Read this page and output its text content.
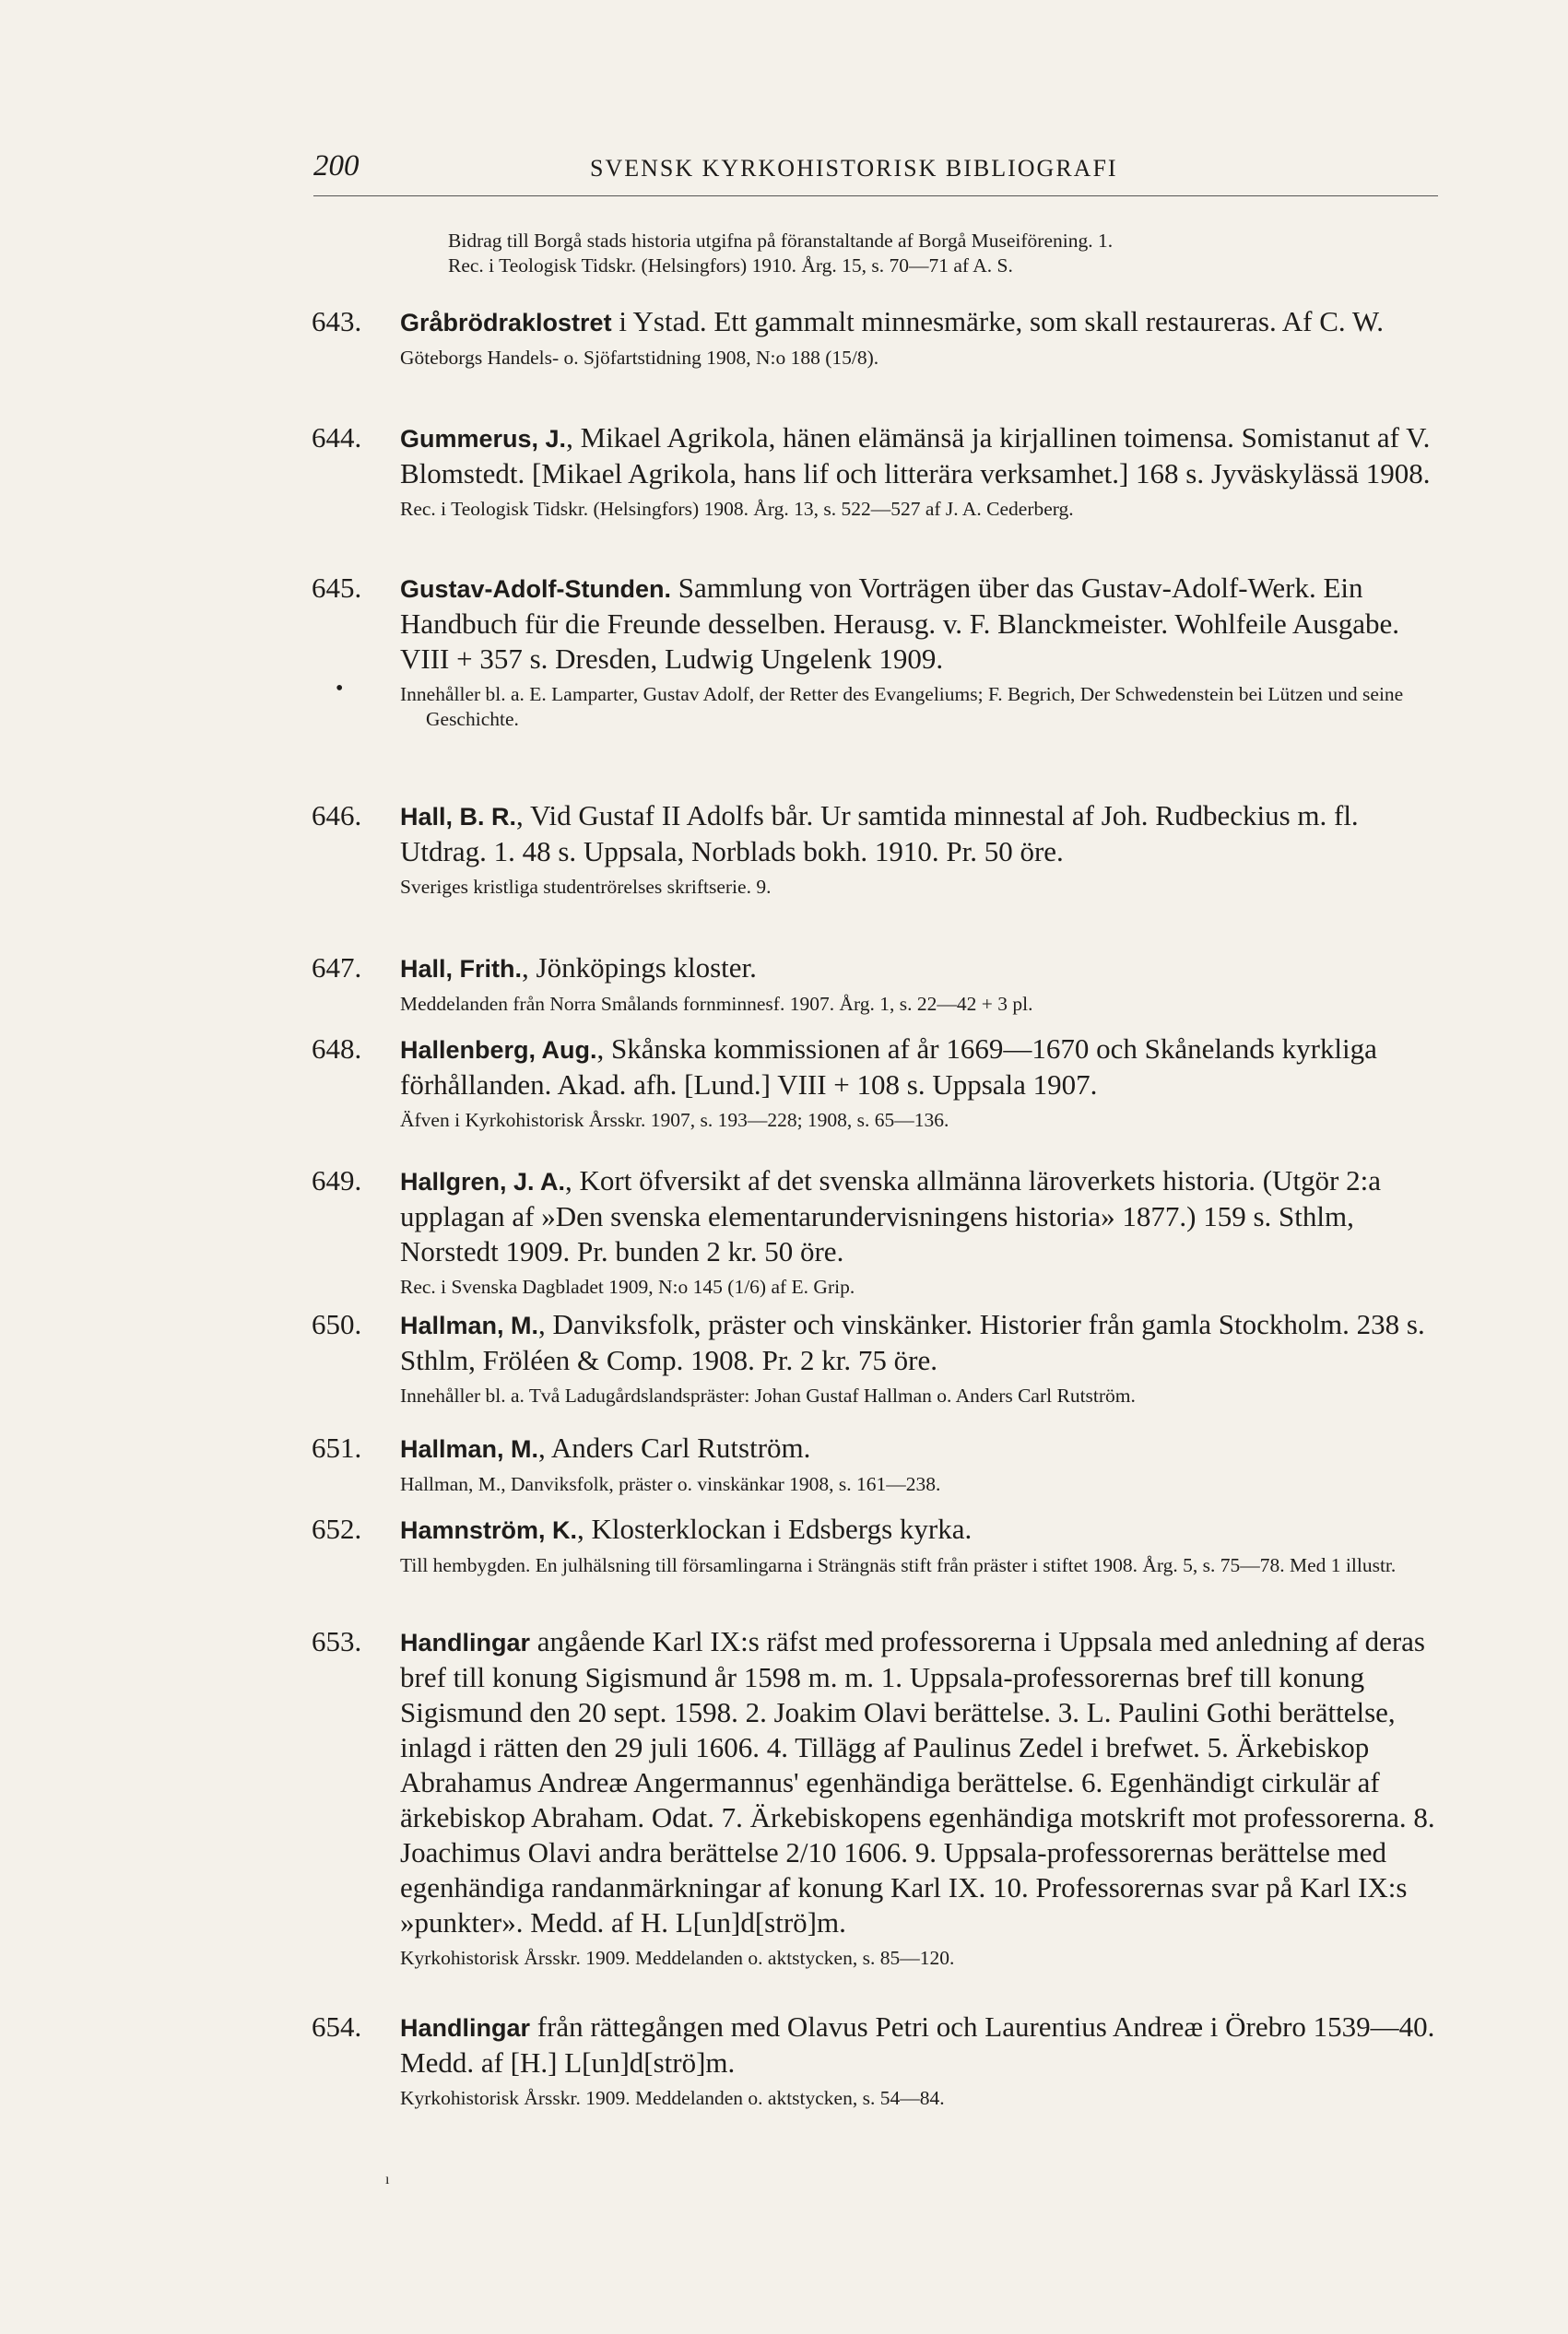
200	SVENSK KYRKOHISTORISK BIBLIOGRAFI

Bidrag till Borgå stads historia utgifna på föranstaltande af Borgå Museiförening. 1.

Rec. i Teologisk Tidskr. (Helsingfors) 1910. Årg. 15, s. 70—71 af A. S.

643. Gråbrödraklostret i Ystad. Ett gammalt minnesmärke, som skall restaureras. Af C. W.

Göteborgs Handels- o. Sjöfartstidning 1908, N:o 188 (15/8).

644. Gummerus, J., Mikael Agrikola, hänen elämänsä ja kirjallinen toimensa. Somistanut af V. Blomstedt. [Mikael Agrikola, hans lif och litterära verksamhet.] 168 s. Jyväskylässä 1908.

Rec. i Teologisk Tidskr. (Helsingfors) 1908. Årg. 13, s. 522—527 af J. A. Cederberg.

645. Gustav-Adolf-Stunden. Sammlung von Vorträgen über das Gustav-Adolf-Werk. Ein Handbuch für die Freunde desselben. Herausg. v. F. Blanckmeister. Wohlfeile Ausgabe. VIII + 357 s. Dresden, Ludwig Ungelenk 1909.

Innehåller bl. a. E. Lamparter, Gustav Adolf, der Retter des Evangeliums; F. Begrich, Der Schwedenstein bei Lützen und seine Geschichte.

646. Hall, B. R., Vid Gustaf II Adolfs bår. Ur samtida minnestal af Joh. Rudbeckius m. fl. Utdrag. 1. 48 s. Uppsala, Norblads bokh. 1910. Pr. 50 öre.

Sveriges kristliga studentrörelses skriftserie. 9.

647. Hall, Frith., Jönköpings kloster.

Meddelanden från Norra Smålands fornminnesf. 1907. Årg. 1, s. 22—42 + 3 pl.

648. Hallenberg, Aug., Skånska kommissionen af år 1669—1670 och Skånelands kyrkliga förhållanden. Akad. afh. [Lund.] VIII + 108 s. Uppsala 1907.

Äfven i Kyrkohistorisk Årsskr. 1907, s. 193—228; 1908, s. 65—136.

649. Hallgren, J. A., Kort öfversikt af det svenska allmänna läroverkets historia. (Utgör 2:a upplagan af »Den svenska elementarundervisningens historia» 1877.) 159 s. Sthlm, Norstedt 1909. Pr. bunden 2 kr. 50 öre.

Rec. i Svenska Dagbladet 1909, N:o 145 (1/6) af E. Grip.

650. Hallman, M., Danviksfolk, präster och vinskänker. Historier från gamla Stockholm. 238 s. Sthlm, Fröléen & Comp. 1908. Pr. 2 kr. 75 öre.

Innehåller bl. a. Två Ladugårdslandspräster: Johan Gustaf Hallman o. Anders Carl Rutström.

651. Hallman, M., Anders Carl Rutström.

Hallman, M., Danviksfolk, präster o. vinskänkar 1908, s. 161—238.

652. Hamnström, K., Klosterklockan i Edsbergs kyrka.

Till hembygden. En julhälsning till församlingarna i Strängnäs stift från präster i stiftet 1908. Årg. 5, s. 75—78. Med 1 illustr.

653. Handlingar angående Karl IX:s räfst med professorerna i Uppsala med anledning af deras bref till konung Sigismund år 1598 m. m. 1. Uppsala-professorernas bref till konung Sigismund den 20 sept. 1598. 2. Joakim Olavi berättelse. 3. L. Paulini Gothi berättelse, inlagd i rätten den 29 juli 1606. 4. Tillägg af Paulinus Zedel i brefwet. 5. Ärkebiskop Abrahamus Andreæ Angermannus' egenhändiga berättelse. 6. Egenhändigt cirkulär af ärkebiskop Abraham. Odat. 7. Ärkebiskopens egenhändiga motskrift mot professorerna. 8. Joachimus Olavi andra berättelse 2/10 1606. 9. Uppsala-professorernas berättelse med egenhändiga randanmärkningar af konung Karl IX. 10. Professorernas svar på Karl IX:s »punkter». Medd. af H. L[un]d[strö]m.

Kyrkohistorisk Årsskr. 1909. Meddelanden o. aktstycken, s. 85—120.

654. Handlingar från rättegången med Olavus Petri och Laurentius Andreæ i Örebro 1539—40. Medd. af [H.] L[un]d[strö]m.

Kyrkohistorisk Årsskr. 1909. Meddelanden o. aktstycken, s. 54—84.

•
ı
